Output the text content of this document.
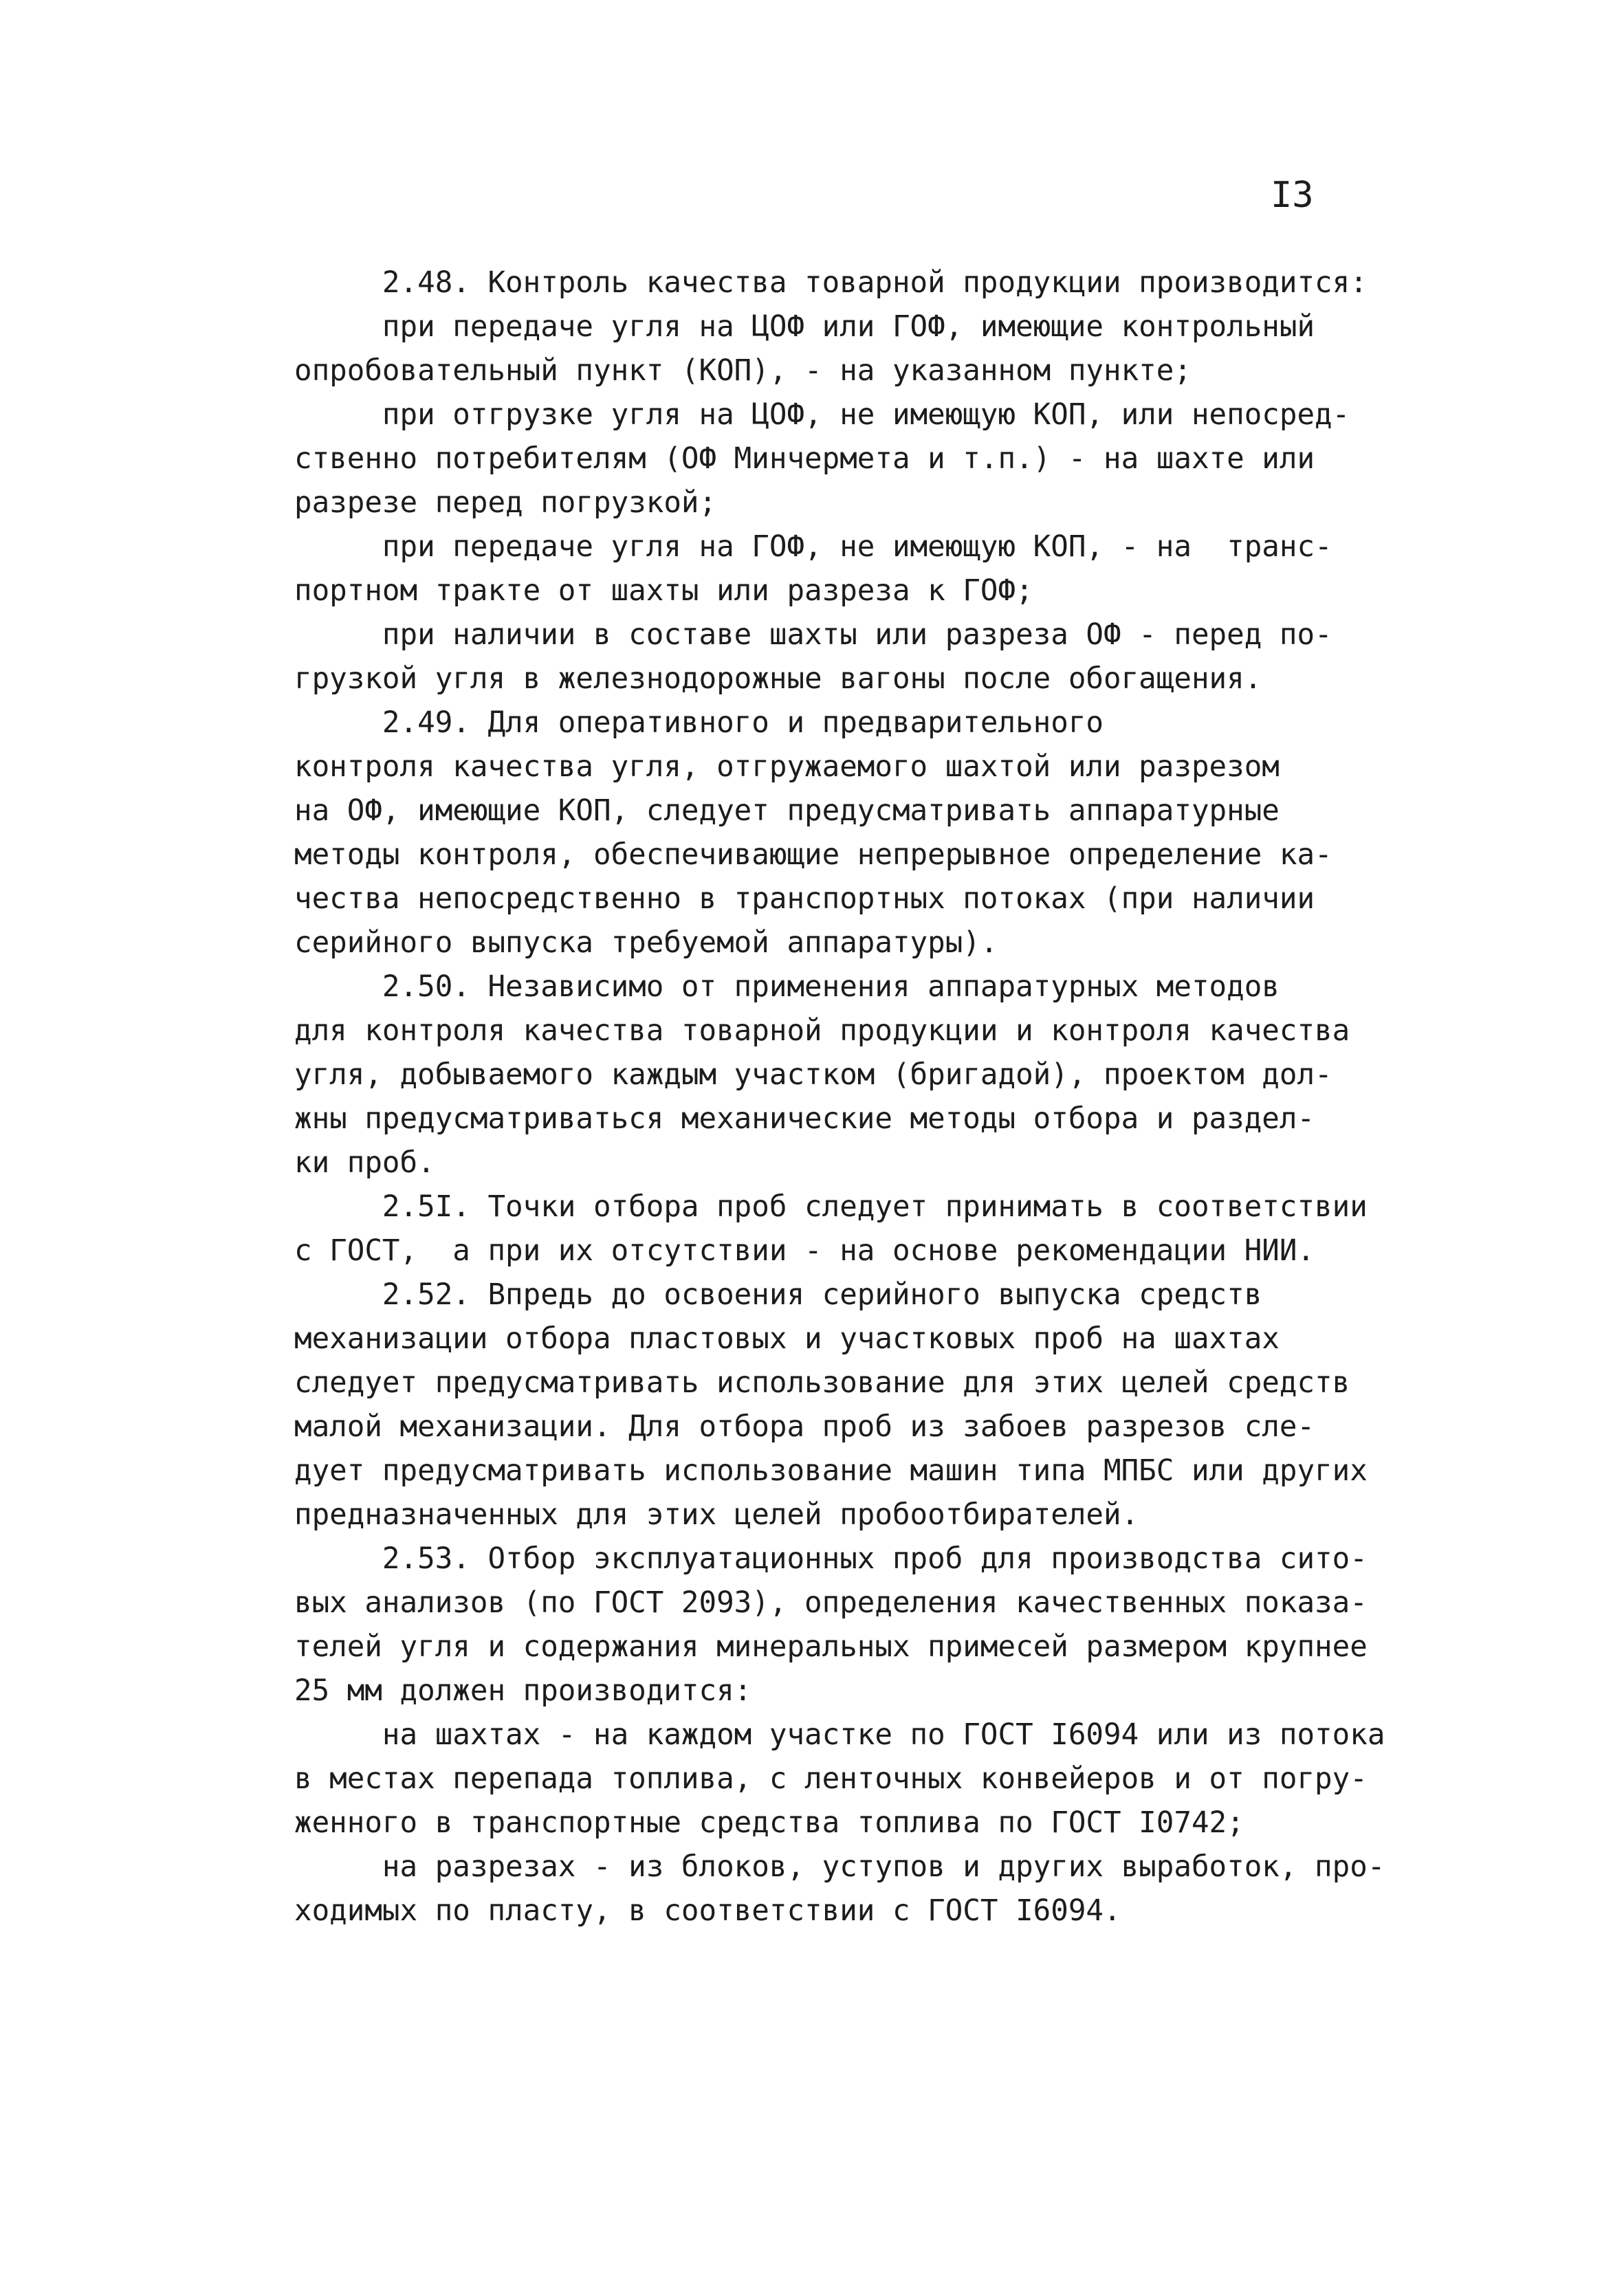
I3
2.48. Контроль качества товарной продукции производится:
при передаче угля на ЦОФ или ГОФ, имеющие контрольный
опробовательный пункт (КОП), - на указанном пункте;
при отгрузке угля на ЦОФ, не имеющую КОП, или непосред-
ственно потребителям (ОФ Минчермета и т.п.) - на шахте или
разрезе перед погрузкой;
при передаче угля на ГОФ, не имеющую КОП, - на  транс-
портном тракте от шахты или разреза к ГОФ;
при наличии в составе шахты или разреза ОФ - перед по-
грузкой угля в железнодорожные вагоны после обогащения.
2.49. Для оперативного и предварительного
контроля качества угля, отгружаемого шахтой или разрезом
на ОФ, имеющие КОП, следует предусматривать аппаратурные
методы контроля, обеспечивающие непрерывное определение ка-
чества непосредственно в транспортных потоках (при наличии
серийного выпуска требуемой аппаратуры).
2.50. Независимо от применения аппаратурных методов
для контроля качества товарной продукции и контроля качества
угля, добываемого каждым участком (бригадой), проектом дол-
жны предусматриваться механические методы отбора и раздел-
ки проб.
2.5I. Точки отбора проб следует принимать в соответствии
с ГОСТ,  а при их отсутствии - на основе рекомендации НИИ.
2.52. Впредь до освоения серийного выпуска средств
механизации отбора пластовых и участковых проб на шахтах
следует предусматривать использование для этих целей средств
малой механизации. Для отбора проб из забоев разрезов сле-
дует предусматривать использование машин типа МПБС или других
предназначенных для этих целей пробоотбирателей.
2.53. Отбор эксплуатационных проб для производства сито-
вых анализов (по ГОСТ 2093), определения качественных показа-
телей угля и содержания минеральных примесей размером крупнее
25 мм должен производится:
на шахтах - на каждом участке по ГОСТ I6094 или из потока
в местах перепада топлива, с ленточных конвейеров и от погру-
женного в транспортные средства топлива по ГОСТ I0742;
на разрезах - из блоков, уступов и других выработок, про-
ходимых по пласту, в соответствии с ГОСТ I6094.
